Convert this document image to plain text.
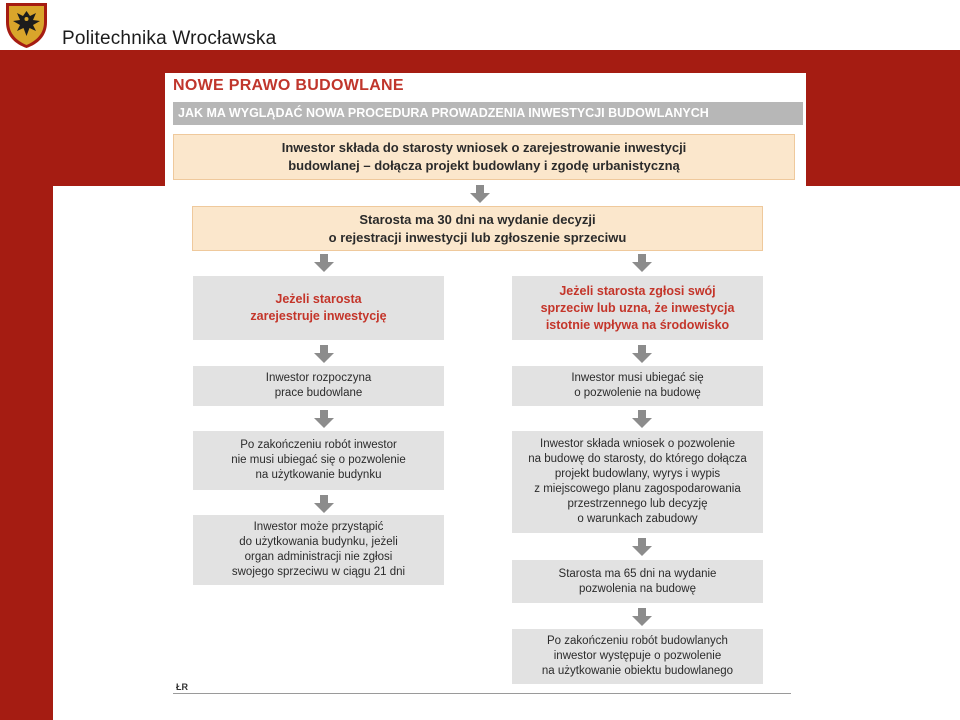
Politechnika Wrocławska
NOWE PRAWO BUDOWLANE
JAK MA WYGLĄDAĆ NOWA PROCEDURA PROWADZENIA INWESTYCJI BUDOWLANYCH
Inwestor składa do starosty wniosek o zarejestrowanie inwestycji
budowlanej – dołącza projekt budowlany i zgodę urbanistyczną
Starosta ma 30 dni na wydanie decyzji
o rejestracji inwestycji lub zgłoszenie sprzeciwu
Jeżeli starosta
zarejestruje inwestycję
Inwestor rozpoczyna
prace budowlane
Po zakończeniu robót inwestor
nie musi ubiegać się o pozwolenie
na użytkowanie budynku
Inwestor może przystąpić
do użytkowania budynku, jeżeli
organ administracji nie zgłosi
swojego sprzeciwu w ciągu 21 dni
Jeżeli starosta zgłosi swój
sprzeciw lub uzna, że inwestycja
istotnie wpływa na środowisko
Inwestor musi ubiegać się
o pozwolenie na budowę
Inwestor składa wniosek o pozwolenie
na budowę do starosty, do którego dołącza
projekt budowlany, wyrys i wypis
z miejscowego planu zagospodarowania
przestrzennego lub decyzję
o warunkach zabudowy
Starosta ma 65 dni na wydanie
pozwolenia na budowę
Po zakończeniu robót budowlanych
inwestor występuje o pozwolenie
na użytkowanie obiektu budowlanego
ŁR
